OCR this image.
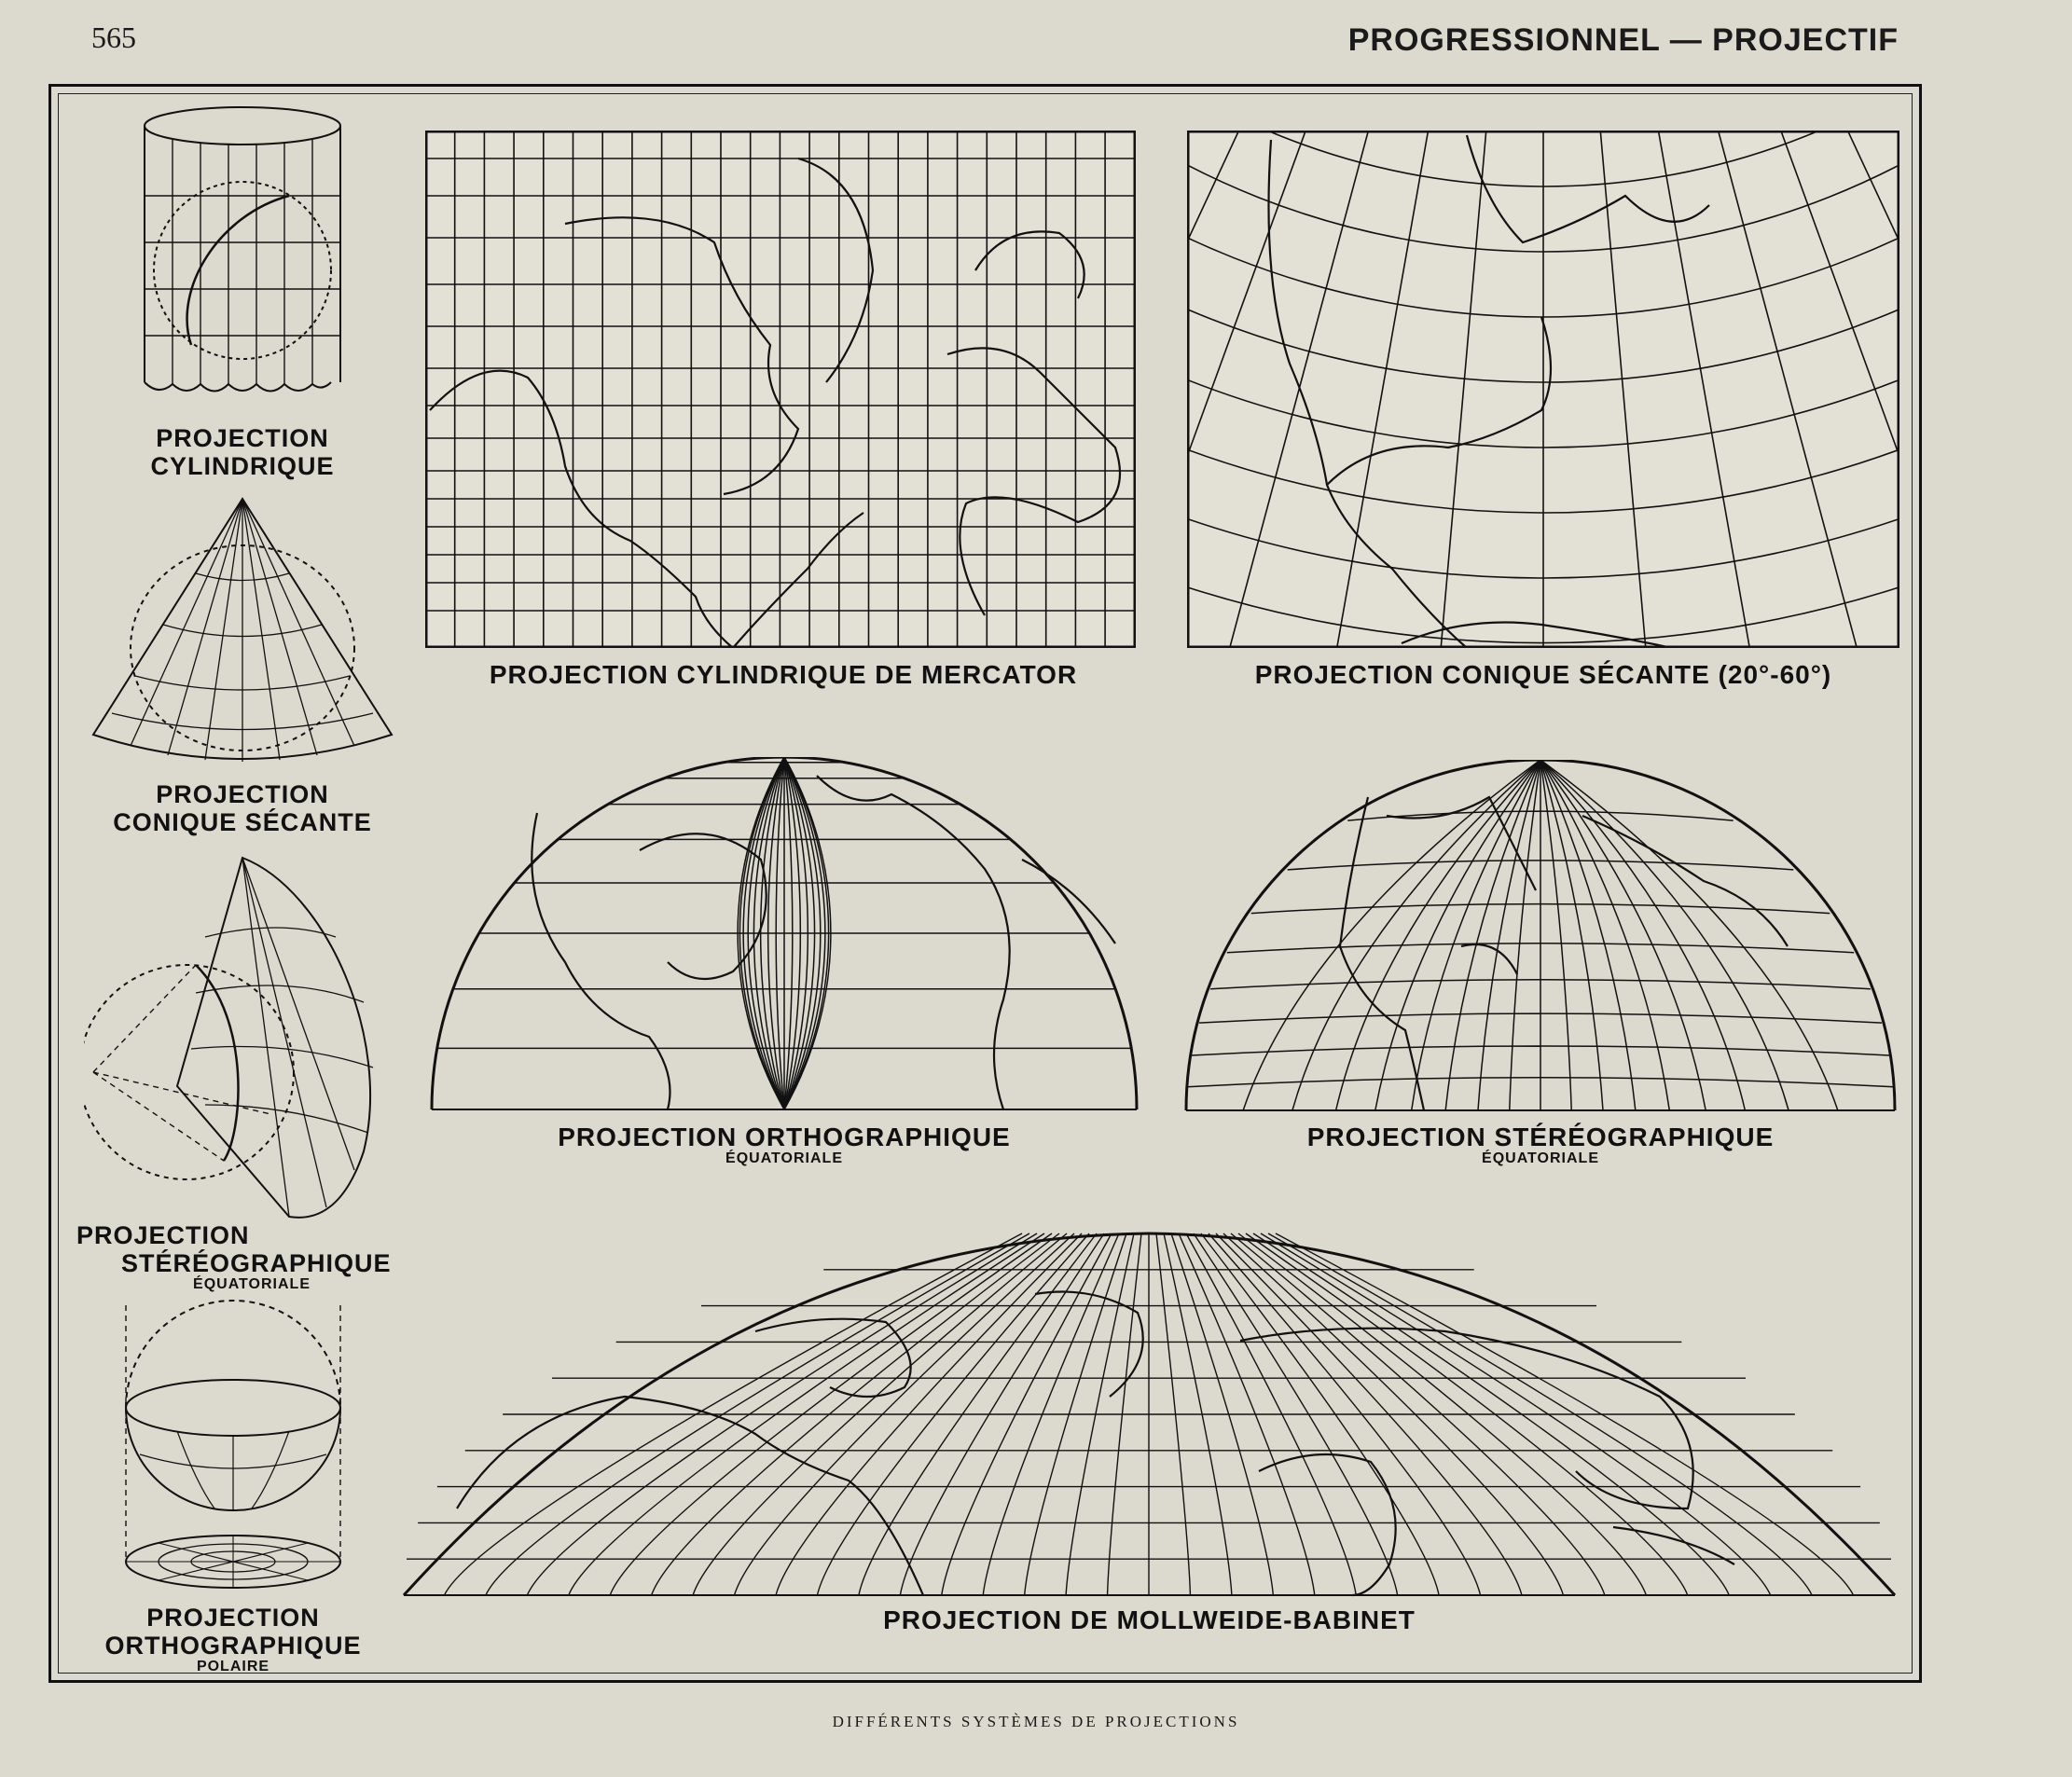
565	PROGRESSIONNEL — PROJECTIF
PROJECTION
CYLINDRIQUE
PROJECTION
CONIQUE SÉCANTE
PROJECTION
STÉRÉOGRAPHIQUE
ÉQUATORIALE
PROJECTION
ORTHOGRAPHIQUE
POLAIRE
PROJECTION CYLINDRIQUE DE MERCATOR	PROJECTION CONIQUE SÉCANTE (20°-60°)
PROJECTION ORTHOGRAPHIQUE
ÉQUATORIALE
PROJECTION STÉRÉOGRAPHIQUE
ÉQUATORIALE
PROJECTION DE MOLLWEIDE-BABINET
DIFFÉRENTS SYSTÈMES DE PROJECTIONS
